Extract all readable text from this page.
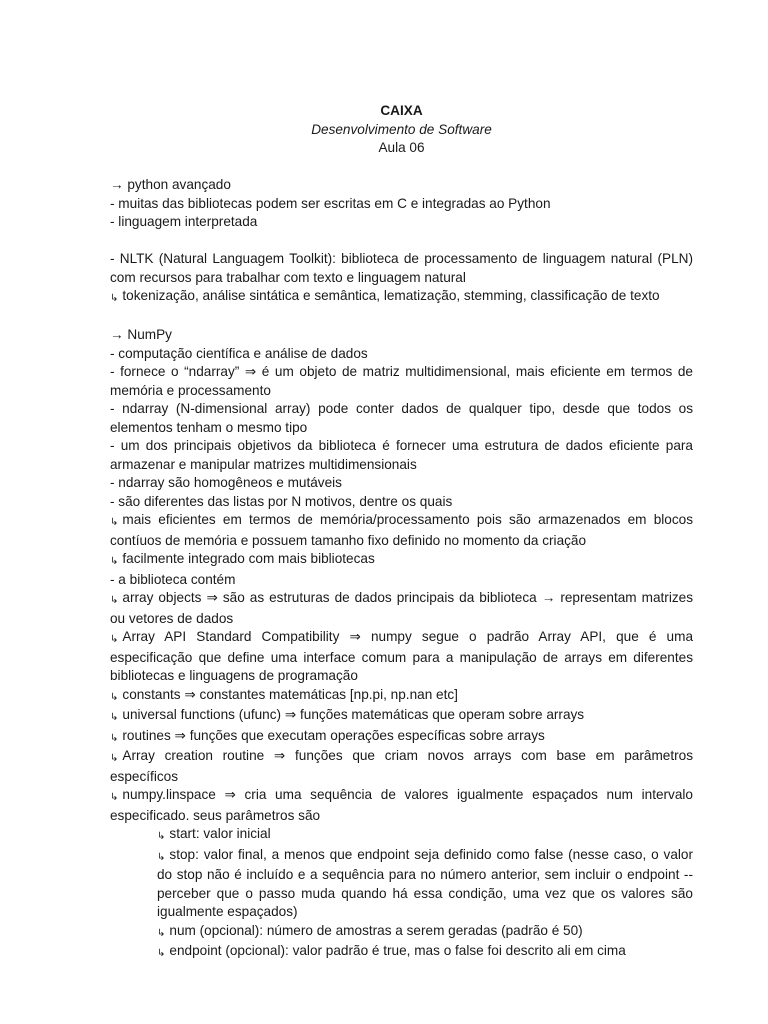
CAIXA
Desenvolvimento de Software
Aula 06
→ python avançado
- muitas das bibliotecas podem ser escritas em C e integradas ao Python
- linguagem interpretada
- NLTK (Natural Languagem Toolkit): biblioteca de processamento de linguagem natural (PLN) com recursos para trabalhar com texto e linguagem natural
↳ tokenização, análise sintática e semântica, lematização, stemming, classificação de texto
→ NumPy
- computação científica e análise de dados
- fornece o “ndarray” ⇒ é um objeto de matriz multidimensional, mais eficiente em termos de memória e processamento
- ndarray (N-dimensional array) pode conter dados de qualquer tipo, desde que todos os elementos tenham o mesmo tipo
- um dos principais objetivos da biblioteca é fornecer uma estrutura de dados eficiente para armazenar e manipular matrizes multidimensionais
- ndarray são homogêneos e mutáveis
- são diferentes das listas por N motivos, dentre os quais
↳ mais eficientes em termos de memória/processamento pois são armazenados em blocos contíuos de memória e possuem tamanho fixo definido no momento da criação
↳ facilmente integrado com mais bibliotecas
- a biblioteca contém
↳ array objects ⇒ são as estruturas de dados principais da biblioteca → representam matrizes ou vetores de dados
↳ Array API Standard Compatibility ⇒ numpy segue o padrão Array API, que é uma especificação que define uma interface comum para a manipulação de arrays em diferentes bibliotecas e linguagens de programação
↳ constants ⇒ constantes matemáticas [np.pi, np.nan etc]
↳ universal functions (ufunc) ⇒ funções matemáticas que operam sobre arrays
↳ routines ⇒ funções que executam operações específicas sobre arrays
↳ Array creation routine ⇒ funções que criam novos arrays com base em parâmetros específicos
↳ numpy.linspace ⇒ cria uma sequência de valores igualmente espaçados num intervalo especificado. seus parâmetros são
↳ start: valor inicial
↳ stop: valor final, a menos que endpoint seja definido como false (nesse caso, o valor do stop não é incluído e a sequência para no número anterior, sem incluir o endpoint -- perceber que o passo muda quando há essa condição, uma vez que os valores são igualmente espaçados)
↳ num (opcional): número de amostras a serem geradas (padrão é 50)
↳ endpoint (opcional): valor padrão é true, mas o false foi descrito ali em cima
